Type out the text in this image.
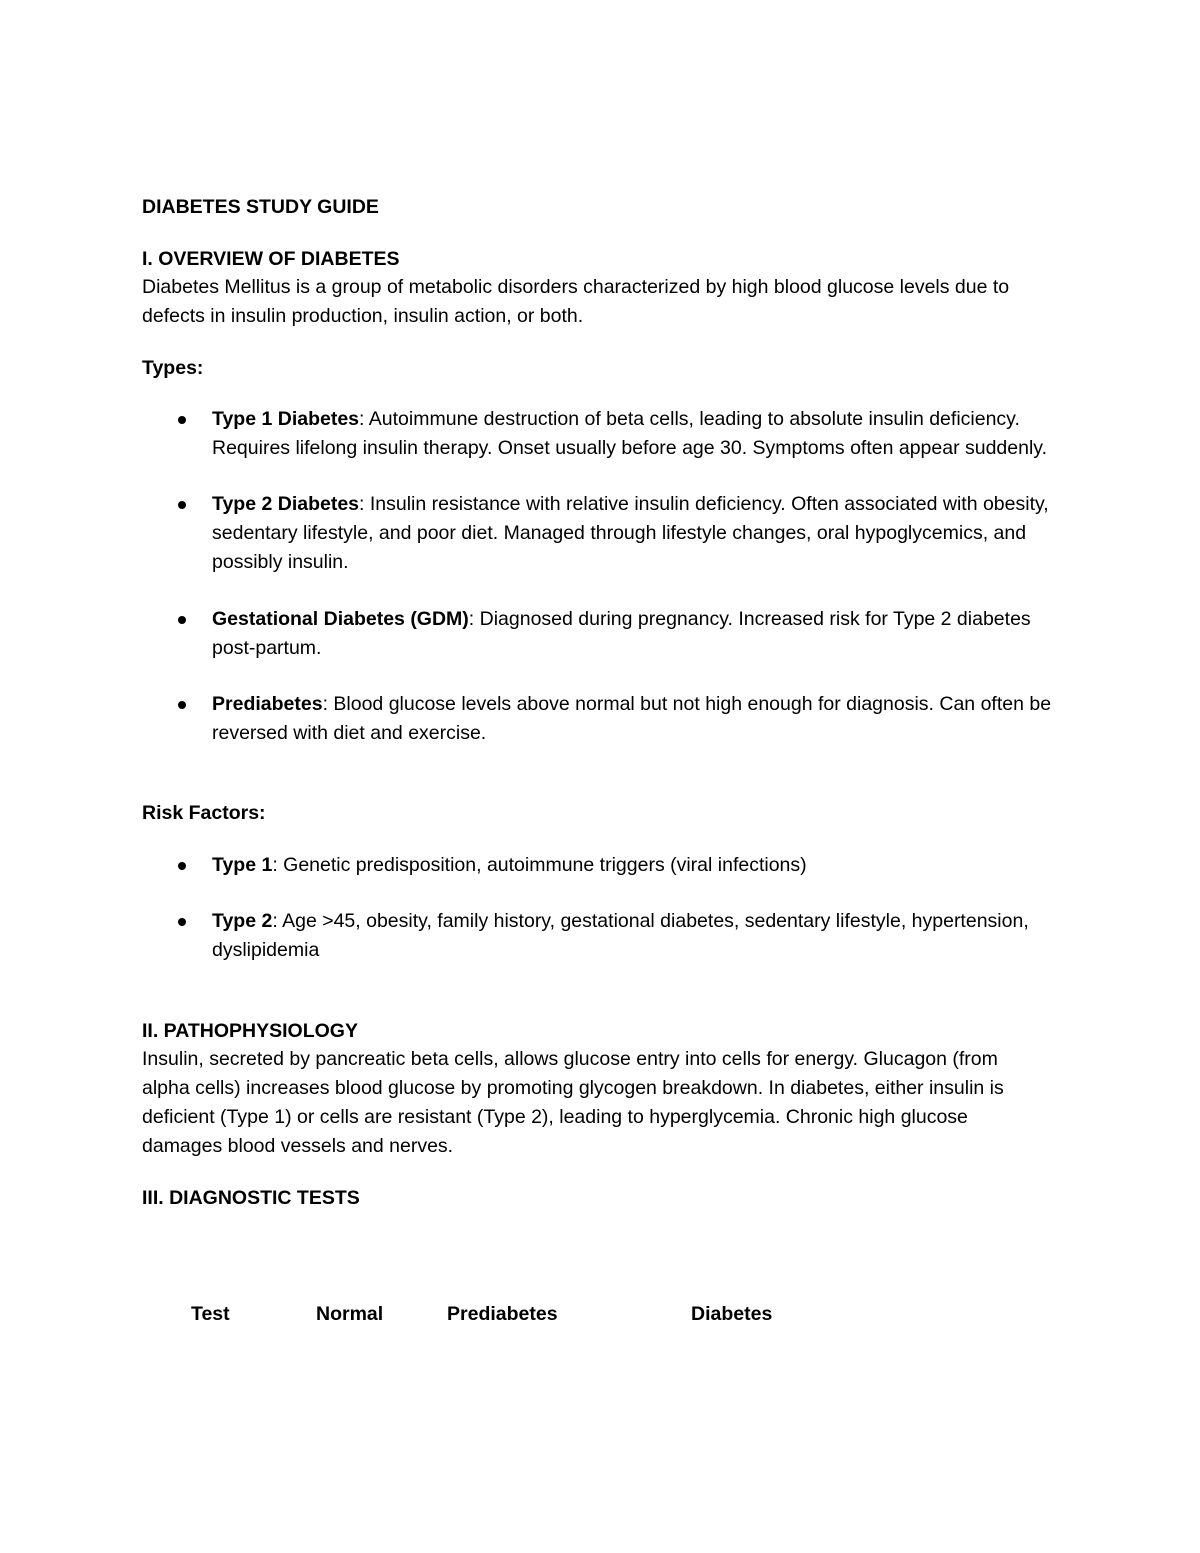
DIABETES STUDY GUIDE

I. OVERVIEW OF DIABETES

Diabetes Mellitus is a group of metabolic disorders characterized by high blood glucose levels due to defects in insulin production, insulin action, or both.

Types:

Type 1 Diabetes: Autoimmune destruction of beta cells, leading to absolute insulin deficiency. Requires lifelong insulin therapy. Onset usually before age 30. Symptoms often appear suddenly.
Type 2 Diabetes: Insulin resistance with relative insulin deficiency. Often associated with obesity, sedentary lifestyle, and poor diet. Managed through lifestyle changes, oral hypoglycemics, and possibly insulin.
Gestational Diabetes (GDM): Diagnosed during pregnancy. Increased risk for Type 2 diabetes post-partum.
Prediabetes: Blood glucose levels above normal but not high enough for diagnosis. Can often be reversed with diet and exercise.

Risk Factors:

Type 1: Genetic predisposition, autoimmune triggers (viral infections)
Type 2: Age >45, obesity, family history, gestational diabetes, sedentary lifestyle, hypertension, dyslipidemia

II. PATHOPHYSIOLOGY

Insulin, secreted by pancreatic beta cells, allows glucose entry into cells for energy. Glucagon (from alpha cells) increases blood glucose by promoting glycogen breakdown. In diabetes, either insulin is deficient (Type 1) or cells are resistant (Type 2), leading to hyperglycemia. Chronic high glucose damages blood vessels and nerves.

III. DIAGNOSTIC TESTS

Test	Normal	Prediabetes	Diabetes
